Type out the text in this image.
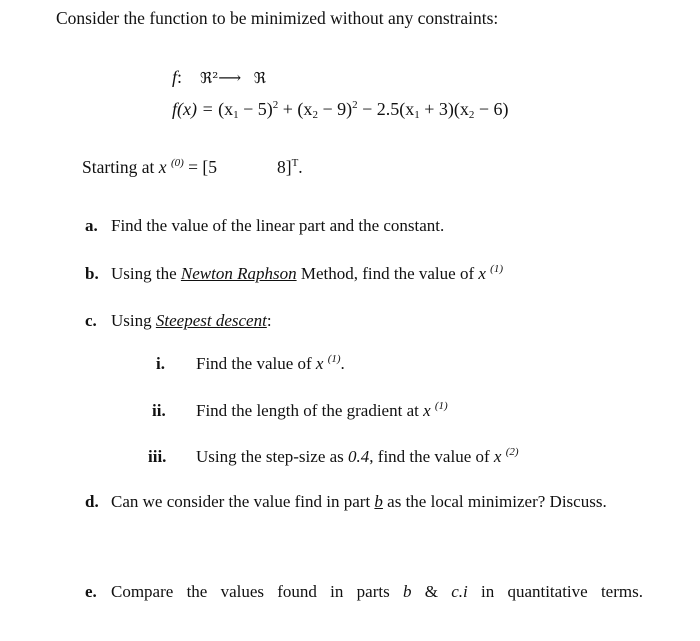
Consider the function to be minimized without any constraints:
f: ℜ²⟶ ℜ
$f(x) = (x_1 - 5)^2 + (x_2 - 9)^2 - 2.5(x_1 + 3)(x_2 - 6)$
Starting at x $^{(0)}$ = [5	8]$^T$.
a. Find the value of the linear part and the constant.
b. Using the Newton Raphson Method, find the value of x $^{(1)}$
c. Using Steepest descent:
i. Find the value of x $^{(1)}$.
ii. Find the length of the gradient at x $^{(1)}$
iii. Using the step-size as 0.4, find the value of x $^{(2)}$
d. Can we consider the value find in part b as the local minimizer? Discuss.
e. Compare the values found in parts b & c.i in quantitative terms.
